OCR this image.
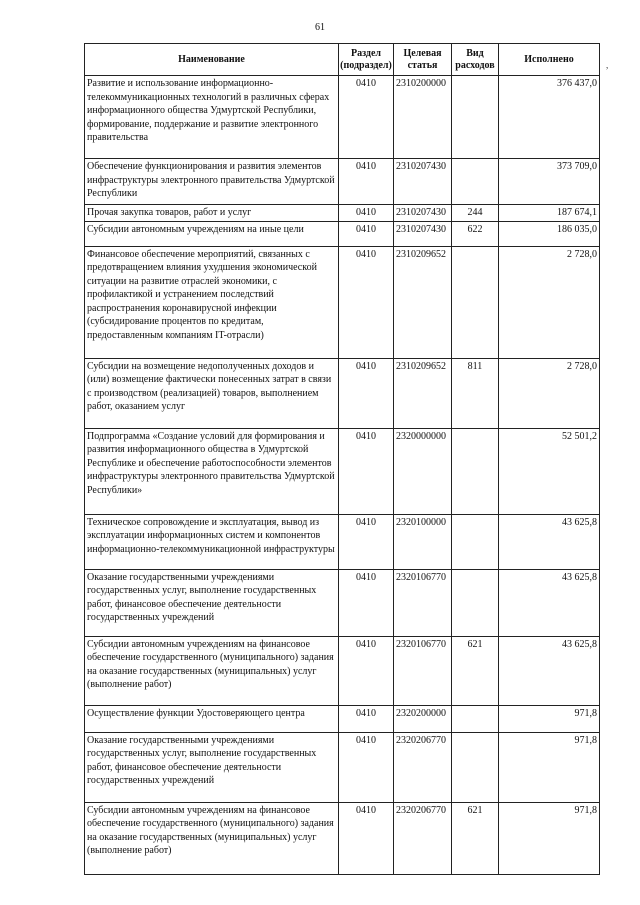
61
,
Наименование	Раздел (подраздел)	Целевая статья	Вид расходов	Исполнено
Развитие и использование информационно-телекоммуникационных технологий в различных сферах информационного общества Удмуртской Республики, формирование, поддержание и развитие электронного правительства	0410	2310200000		376 437,0
Обеспечение функционирования и развития элементов инфраструктуры электронного правительства Удмуртской Республики	0410	2310207430		373 709,0
Прочая закупка товаров, работ и услуг	0410	2310207430	244	187 674,1
Субсидии автономным учреждениям на иные цели	0410	2310207430	622	186 035,0
Финансовое обеспечение мероприятий, связанных с предотвращением влияния ухудшения экономической ситуации на развитие отраслей экономики, с профилактикой и устранением последствий распространения коронавирусной инфекции (субсидирование процентов по кредитам, предоставленным компаниям IT-отрасли)	0410	2310209652		2 728,0
Субсидии на возмещение недополученных доходов и (или) возмещение фактически понесенных затрат в связи с производством (реализацией) товаров, выполнением работ, оказанием услуг	0410	2310209652	811	2 728,0
Подпрограмма «Создание условий для формирования и развития информационного общества в Удмуртской Республике и обеспечение работоспособности элементов инфраструктуры электронного правительства Удмуртской Республики»	0410	2320000000		52 501,2
Техническое сопровождение и эксплуатация, вывод из эксплуатации информационных систем и компонентов информационно-телекоммуникационной инфраструктуры	0410	2320100000		43 625,8
Оказание государственными учреждениями государственных услуг, выполнение государственных работ, финансовое обеспечение деятельности государственных учреждений	0410	2320106770		43 625,8
Субсидии автономным учреждениям на финансовое обеспечение государственного (муниципального) задания на оказание государственных (муниципальных) услуг (выполнение работ)	0410	2320106770	621	43 625,8
Осуществление функции Удостоверяющего центра	0410	2320200000		971,8
Оказание государственными учреждениями государственных услуг, выполнение государственных работ, финансовое обеспечение деятельности государственных учреждений	0410	2320206770		971,8
Субсидии автономным учреждениям на финансовое обеспечение государственного (муниципального) задания на оказание государственных (муниципальных) услуг (выполнение работ)	0410	2320206770	621	971,8
